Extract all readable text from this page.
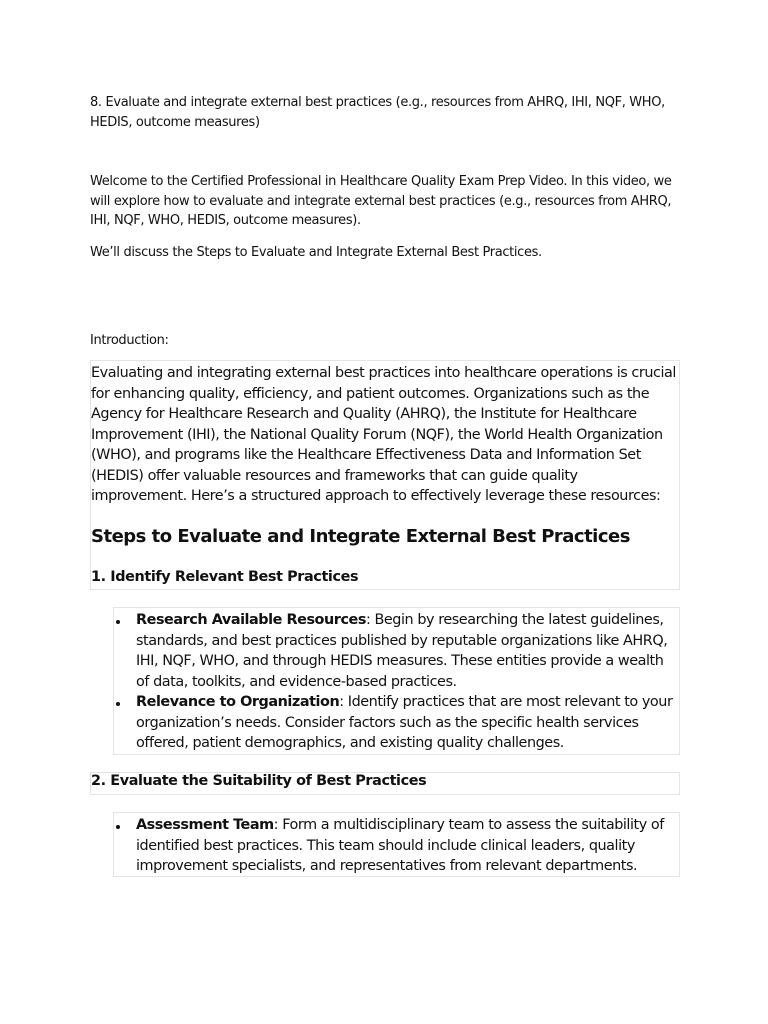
8. Evaluate and integrate external best practices (e.g., resources from AHRQ, IHI, NQF, WHO, HEDIS, outcome measures)

Welcome to the Certified Professional in Healthcare Quality Exam Prep Video. In this video, we will explore how to evaluate and integrate external best practices (e.g., resources from AHRQ, IHI, NQF, WHO, HEDIS, outcome measures).

We’ll discuss the Steps to Evaluate and Integrate External Best Practices.

Introduction:

Evaluating and integrating external best practices into healthcare operations is crucial for enhancing quality, efficiency, and patient outcomes. Organizations such as the Agency for Healthcare Research and Quality (AHRQ), the Institute for Healthcare Improvement (IHI), the National Quality Forum (NQF), the World Health Organization (WHO), and programs like the Healthcare Effectiveness Data and Information Set (HEDIS) offer valuable resources and frameworks that can guide quality improvement. Here’s a structured approach to effectively leverage these resources:
Steps to Evaluate and Integrate External Best Practices
1. Identify Relevant Best Practices
Research Available Resources: Begin by researching the latest guidelines, standards, and best practices published by reputable organizations like AHRQ, IHI, NQF, WHO, and through HEDIS measures. These entities provide a wealth of data, toolkits, and evidence-based practices.
Relevance to Organization: Identify practices that are most relevant to your organization’s needs. Consider factors such as the specific health services offered, patient demographics, and existing quality challenges.
2. Evaluate the Suitability of Best Practices
Assessment Team: Form a multidisciplinary team to assess the suitability of identified best practices. This team should include clinical leaders, quality improvement specialists, and representatives from relevant departments.
